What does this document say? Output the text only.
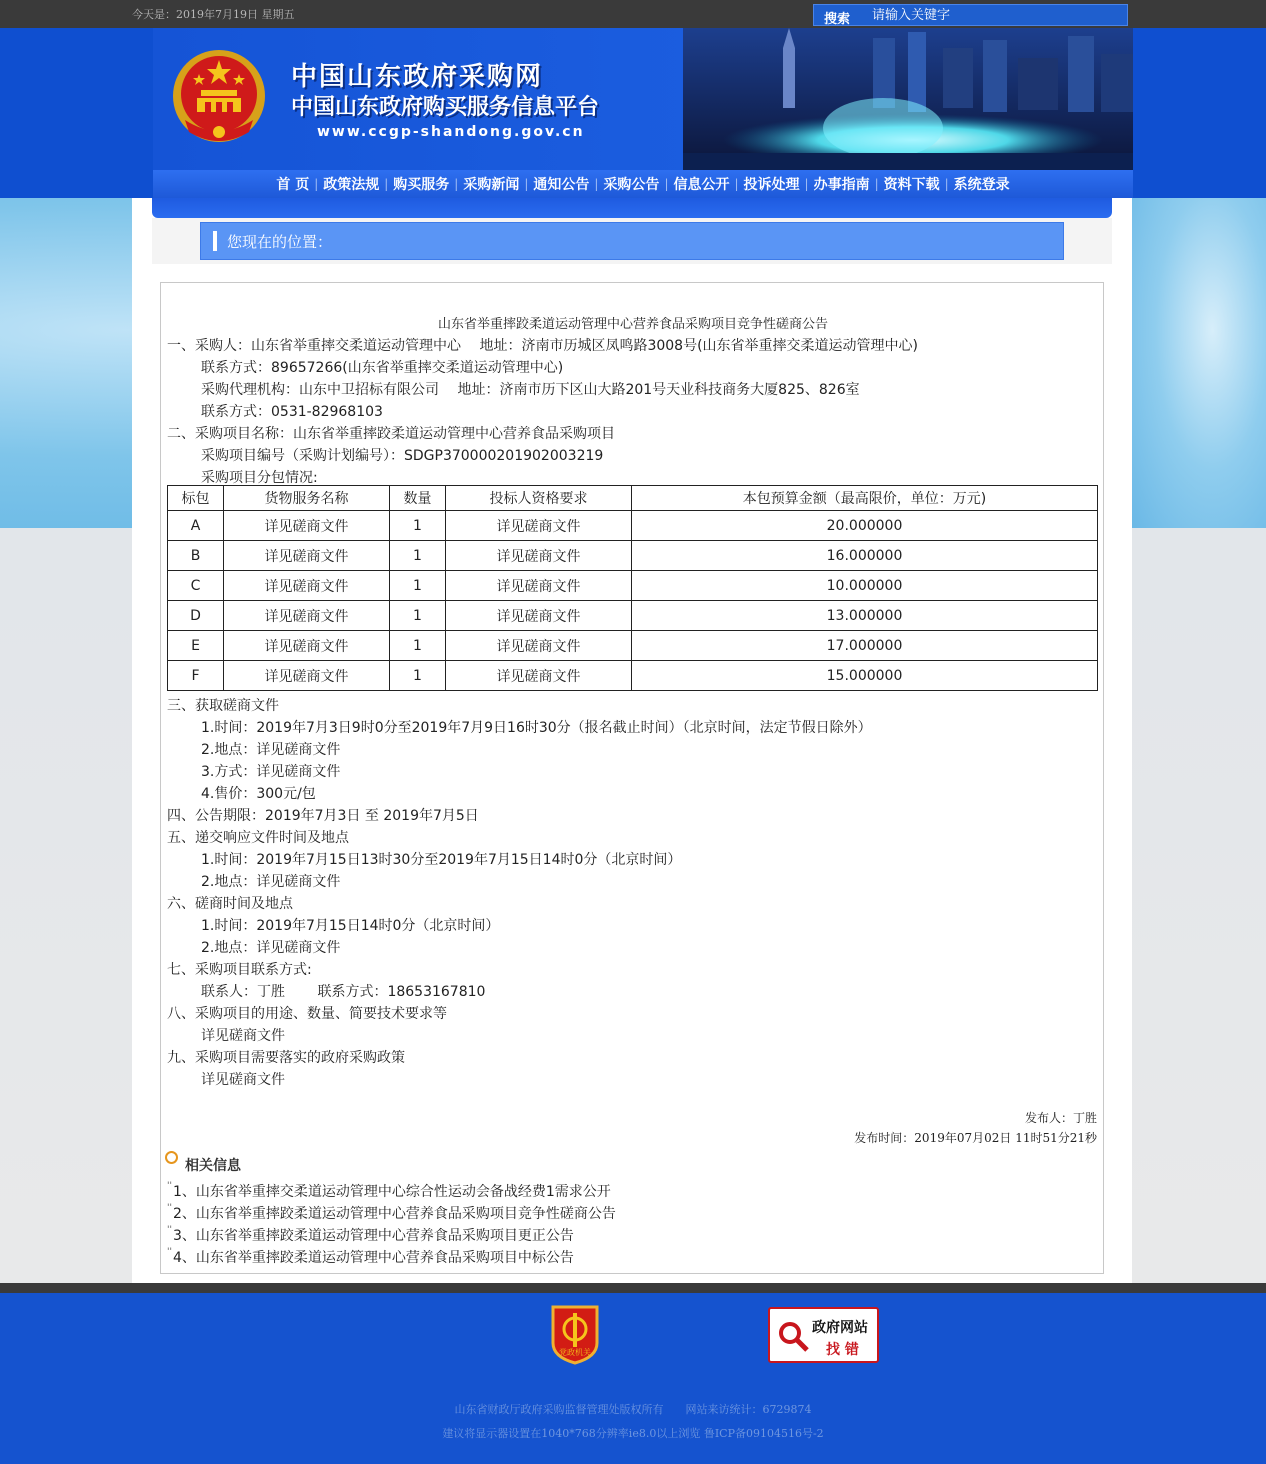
今天是：2019年7月19日 星期五	搜索
请输入关键字
中国山东政府采购网
中国山东政府购买服务信息平台
www.ccgp-shandong.gov.cn
首 页 | 政策法规 | 购买服务 | 采购新闻 | 通知公告 | 采购公告 | 信息公开 | 投诉处理 | 办事指南 | 资料下载 | 系统登录
您现在的位置：
山东省举重摔跤柔道运动管理中心营养食品采购项目竞争性磋商公告
一、采购人：山东省举重摔交柔道运动管理中心　 地址：济南市历城区凤鸣路3008号(山东省举重摔交柔道运动管理中心)
联系方式：89657266(山东省举重摔交柔道运动管理中心)
采购代理机构：山东中卫招标有限公司　 地址：济南市历下区山大路201号天业科技商务大厦825、826室
联系方式：0531-82968103
二、采购项目名称：山东省举重摔跤柔道运动管理中心营养食品采购项目
采购项目编号（采购计划编号）：SDGP370000201902003219
采购项目分包情况:
标包	货物服务名称	数量	投标人资格要求	本包预算金额（最高限价，单位：万元)
A	详见磋商文件	1	详见磋商文件	20.000000
B	详见磋商文件	1	详见磋商文件	16.000000
C	详见磋商文件	1	详见磋商文件	10.000000
D	详见磋商文件	1	详见磋商文件	13.000000
E	详见磋商文件	1	详见磋商文件	17.000000
F	详见磋商文件	1	详见磋商文件	15.000000
三、获取磋商文件
1.时间：2019年7月3日9时0分至2019年7月9日16时30分（报名截止时间）（北京时间，法定节假日除外）
2.地点：详见磋商文件
3.方式：详见磋商文件
4.售价：300元/包
四、公告期限：2019年7月3日 至 2019年7月5日
五、递交响应文件时间及地点
1.时间：2019年7月15日13时30分至2019年7月15日14时0分（北京时间）
2.地点：详见磋商文件
六、磋商时间及地点
1.时间：2019年7月15日14时0分（北京时间）
2.地点：详见磋商文件
七、采购项目联系方式:
联系人：丁胜　　 联系方式：18653167810
八、采购项目的用途、数量、简要技术要求等
详见磋商文件
九、采购项目需要落实的政府采购政策
详见磋商文件
发布人：丁胜
发布时间：2019年07月02日 11时51分21秒
相关信息
''1、山东省举重摔交柔道运动管理中心综合性运动会备战经费1需求公开
''2、山东省举重摔跤柔道运动管理中心营养食品采购项目竞争性磋商公告
''3、山东省举重摔跤柔道运动管理中心营养食品采购项目更正公告
''4、山东省举重摔跤柔道运动管理中心营养食品采购项目中标公告
党政机关
政府网站
找 错
山东省财政厅政府采购监督管理处版权所有　　网站来访统计：6729874
建议将显示器设置在1040*768分辨率ie8.0以上浏览 鲁ICP备09104516号-2
